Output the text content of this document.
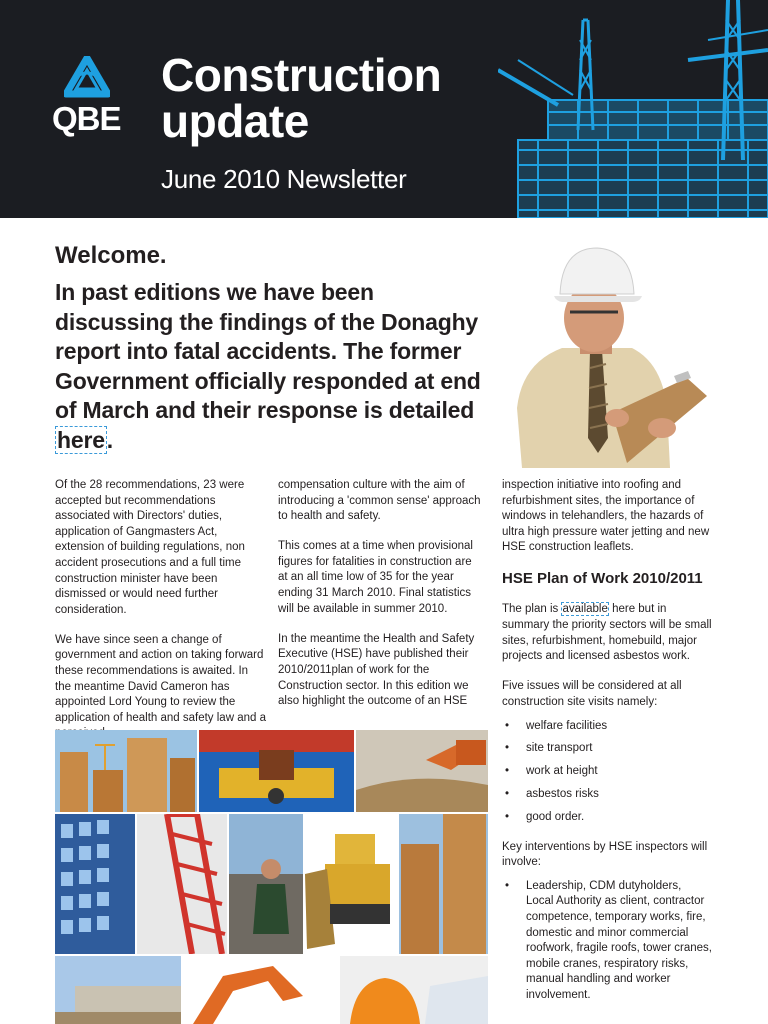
QBE
Construction
update
June 2010 Newsletter
Welcome.

In past editions we have been discussing the findings of the Donaghy report into fatal accidents. The former Government officially responded at end of March and their response is detailed here.

Of the 28 recommendations, 23 were accepted but recommendations associated with Directors' duties, application of Gangmasters Act, extension of building regulations, non accident prosecutions and a full time construction minister have been dismissed or would need further consideration.

We have since seen a change of government and action on taking forward these recommendations is awaited. In the meantime David Cameron has appointed Lord Young to review the application of health and safety law and a

compensation culture with the aim of introducing a 'common sense' approach to health and safety.

This comes at a time when provisional figures for fatalities in construction are at an all time low of 35 for the year ending 31 March 2010. Final statistics will be available in summer 2010.

In the meantime the Health and Safety Executive (HSE) have published their 2010/2011plan of work for the Construction sector. In this edition we also highlight the outcome of an HSE

inspection initiative into roofing and refurbishment sites, the importance of windows in telehandlers, the hazards of ultra high pressure water jetting and new HSE construction leaflets.

HSE Plan of Work 2010/2011

The plan is available here but in summary the priority sectors will be small sites, refurbishment, homebuild, major projects and licensed asbestos work.

Five issues will be considered at all construction site visits namely:

• welfare facilities
• site transport
• work at height
• asbestos risks
• good order.

Key interventions by HSE inspectors will involve:

• Leadership, CDM dutyholders, Local Authority as client, contractor competence, temporary works, fire, domestic and minor commercial roofwork, fragile roofs, tower cranes, mobile cranes, respiratory risks, manual handling and worker involvement.
